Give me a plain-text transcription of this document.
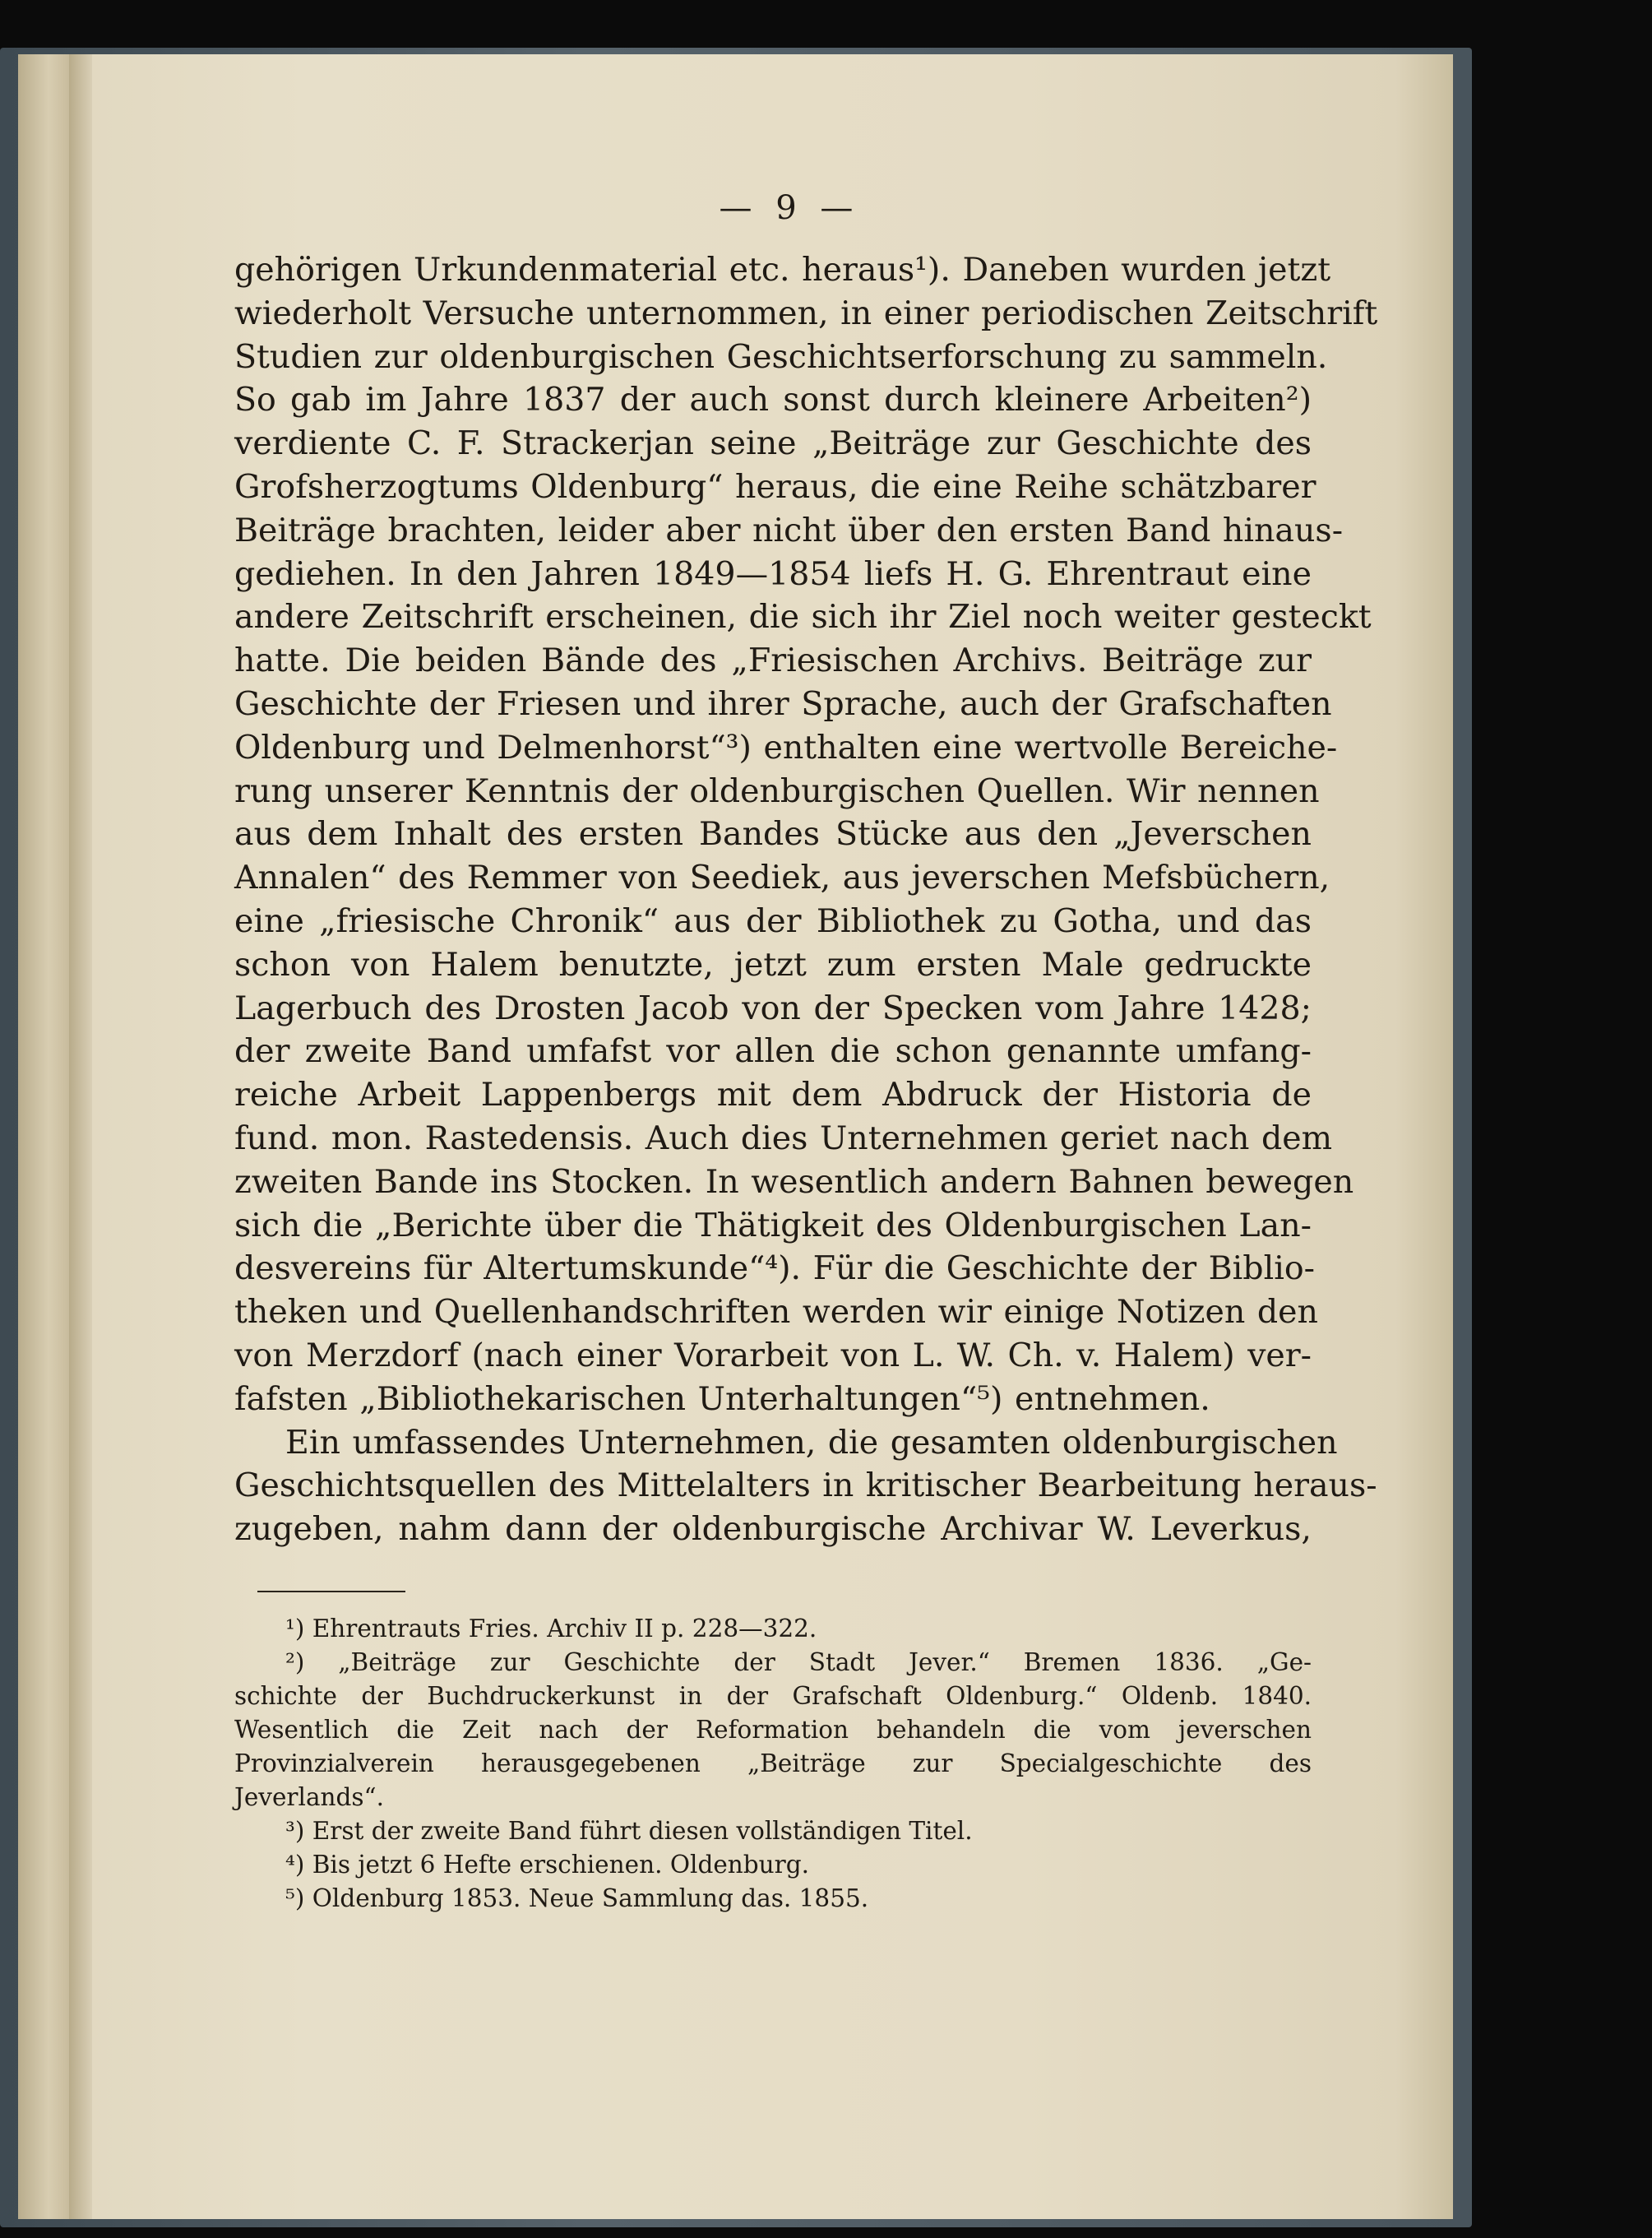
— 9 —

gehörigen Urkundenmaterial etc. heraus¹). Daneben wurden jetzt

wiederholt Versuche unternommen, in einer periodischen Zeitschrift

Studien zur oldenburgischen Geschichtserforschung zu sammeln.

So gab im Jahre 1837 der auch sonst durch kleinere Arbeiten²)

verdiente C. F. Strackerjan seine „Beiträge zur Geschichte des

Grofsherzogtums Oldenburg“ heraus, die eine Reihe schätzbarer

Beiträge brachten, leider aber nicht über den ersten Band hinaus-

gediehen. In den Jahren 1849—1854 liefs H. G. Ehrentraut eine

andere Zeitschrift erscheinen, die sich ihr Ziel noch weiter gesteckt

hatte. Die beiden Bände des „Friesischen Archivs. Beiträge zur

Geschichte der Friesen und ihrer Sprache, auch der Grafschaften

Oldenburg und Delmenhorst“³) enthalten eine wertvolle Bereiche-

rung unserer Kenntnis der oldenburgischen Quellen. Wir nennen

aus dem Inhalt des ersten Bandes Stücke aus den „Jeverschen

Annalen“ des Remmer von Seediek, aus jeverschen Mefsbüchern,

eine „friesische Chronik“ aus der Bibliothek zu Gotha, und das

schon von Halem benutzte, jetzt zum ersten Male gedruckte

Lagerbuch des Drosten Jacob von der Specken vom Jahre 1428;

der zweite Band umfafst vor allen die schon genannte umfang-

reiche Arbeit Lappenbergs mit dem Abdruck der Historia de

fund. mon. Rastedensis. Auch dies Unternehmen geriet nach dem

zweiten Bande ins Stocken. In wesentlich andern Bahnen bewegen

sich die „Berichte über die Thätigkeit des Oldenburgischen Lan-

desvereins für Altertumskunde“⁴). Für die Geschichte der Biblio-

theken und Quellenhandschriften werden wir einige Notizen den

von Merzdorf (nach einer Vorarbeit von L. W. Ch. v. Halem) ver-

fafsten „Bibliothekarischen Unterhaltungen“⁵) entnehmen.

Ein umfassendes Unternehmen, die gesamten oldenburgischen

Geschichtsquellen des Mittelalters in kritischer Bearbeitung heraus-

zugeben, nahm dann der oldenburgische Archivar W. Leverkus,

¹) Ehrentrauts Fries. Archiv II p. 228—322.

²) „Beiträge zur Geschichte der Stadt Jever.“ Bremen 1836. „Ge-

schichte der Buchdruckerkunst in der Grafschaft Oldenburg.“ Oldenb. 1840.

Wesentlich die Zeit nach der Reformation behandeln die vom jeverschen

Provinzialverein herausgegebenen „Beiträge zur Specialgeschichte des

Jeverlands“.

³) Erst der zweite Band führt diesen vollständigen Titel.

⁴) Bis jetzt 6 Hefte erschienen. Oldenburg.

⁵) Oldenburg 1853. Neue Sammlung das. 1855.
